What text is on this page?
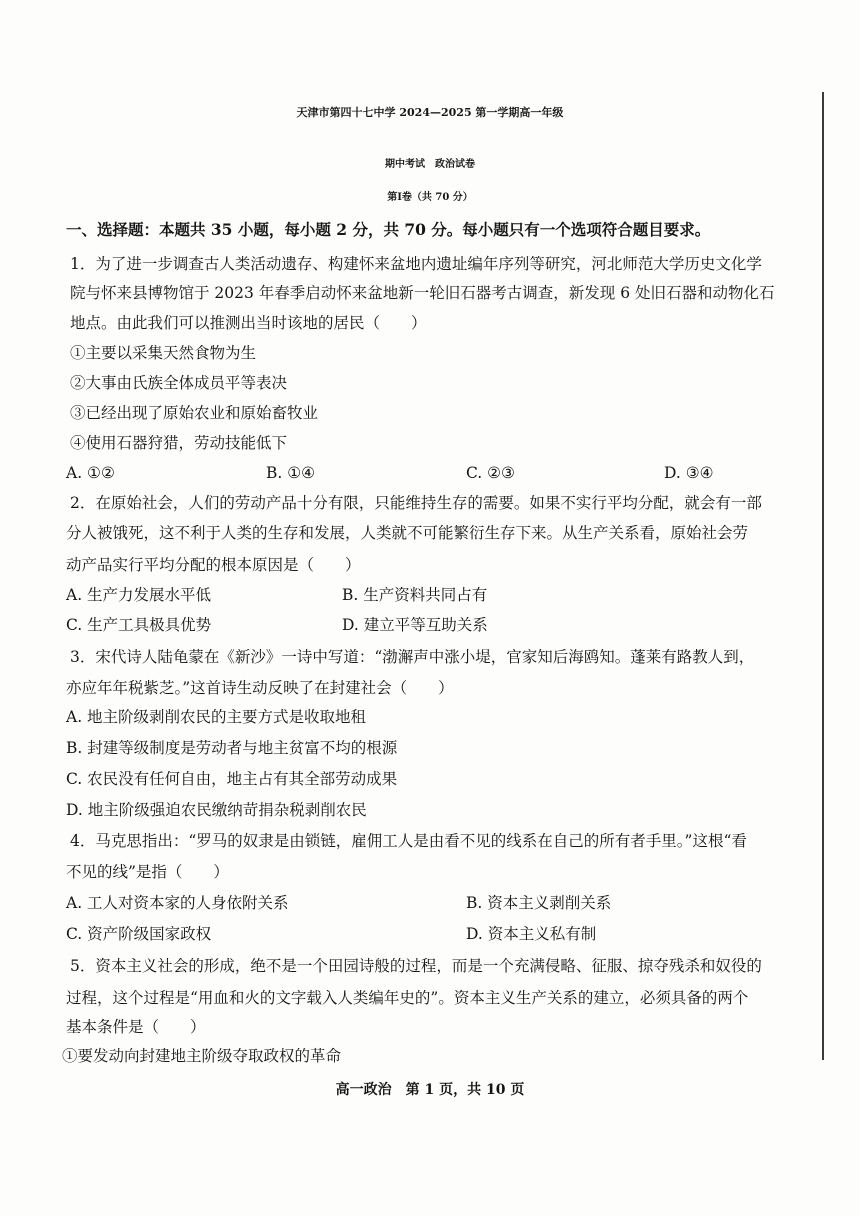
天津市第四十七中学 2024—2025 第一学期高一年级
期中考试　政治试卷
第Ⅰ卷（共 70 分）
一、选择题：本题共 35 小题，每小题 2 分，共 70 分。每小题只有一个选项符合题目要求。
1．为了进一步调查古人类活动遗存、构建怀来盆地内遗址编年序列等研究，河北师范大学历史文化学
院与怀来县博物馆于 2023 年春季启动怀来盆地新一轮旧石器考古调查，新发现 6 处旧石器和动物化石
地点。由此我们可以推测出当时该地的居民（　　）
①主要以采集天然食物为生
②大事由氏族全体成员平等表决
③已经出现了原始农业和原始畜牧业
④使用石器狩猎，劳动技能低下
A. ①②	B. ①④	C. ②③	D. ③④
2．在原始社会，人们的劳动产品十分有限，只能维持生存的需要。如果不实行平均分配，就会有一部
分人被饿死，这不利于人类的生存和发展，人类就不可能繁衍生存下来。从生产关系看，原始社会劳
动产品实行平均分配的根本原因是（　　）
A. 生产力发展水平低	B. 生产资料共同占有
C. 生产工具极具优势	D. 建立平等互助关系
3．宋代诗人陆龟蒙在《新沙》一诗中写道：“渤澥声中涨小堤，官家知后海鸥知。蓬莱有路教人到，
亦应年年税紫芝。”这首诗生动反映了在封建社会（　　）
A. 地主阶级剥削农民的主要方式是收取地租
B. 封建等级制度是劳动者与地主贫富不均的根源
C. 农民没有任何自由，地主占有其全部劳动成果
D. 地主阶级强迫农民缴纳苛捐杂税剥削农民
4．马克思指出：“罗马的奴隶是由锁链，雇佣工人是由看不见的线系在自己的所有者手里。”这根“看
不见的线”是指（　　）
A. 工人对资本家的人身依附关系	B. 资本主义剥削关系
C. 资产阶级国家政权	D. 资本主义私有制
5．资本主义社会的形成，绝不是一个田园诗般的过程，而是一个充满侵略、征服、掠夺残杀和奴役的
过程，这个过程是“用血和火的文字载入人类编年史的”。资本主义生产关系的建立，必须具备的两个
基本条件是（　　）
①要发动向封建地主阶级夺取政权的革命
高一政治　第 1 页，共 10 页
